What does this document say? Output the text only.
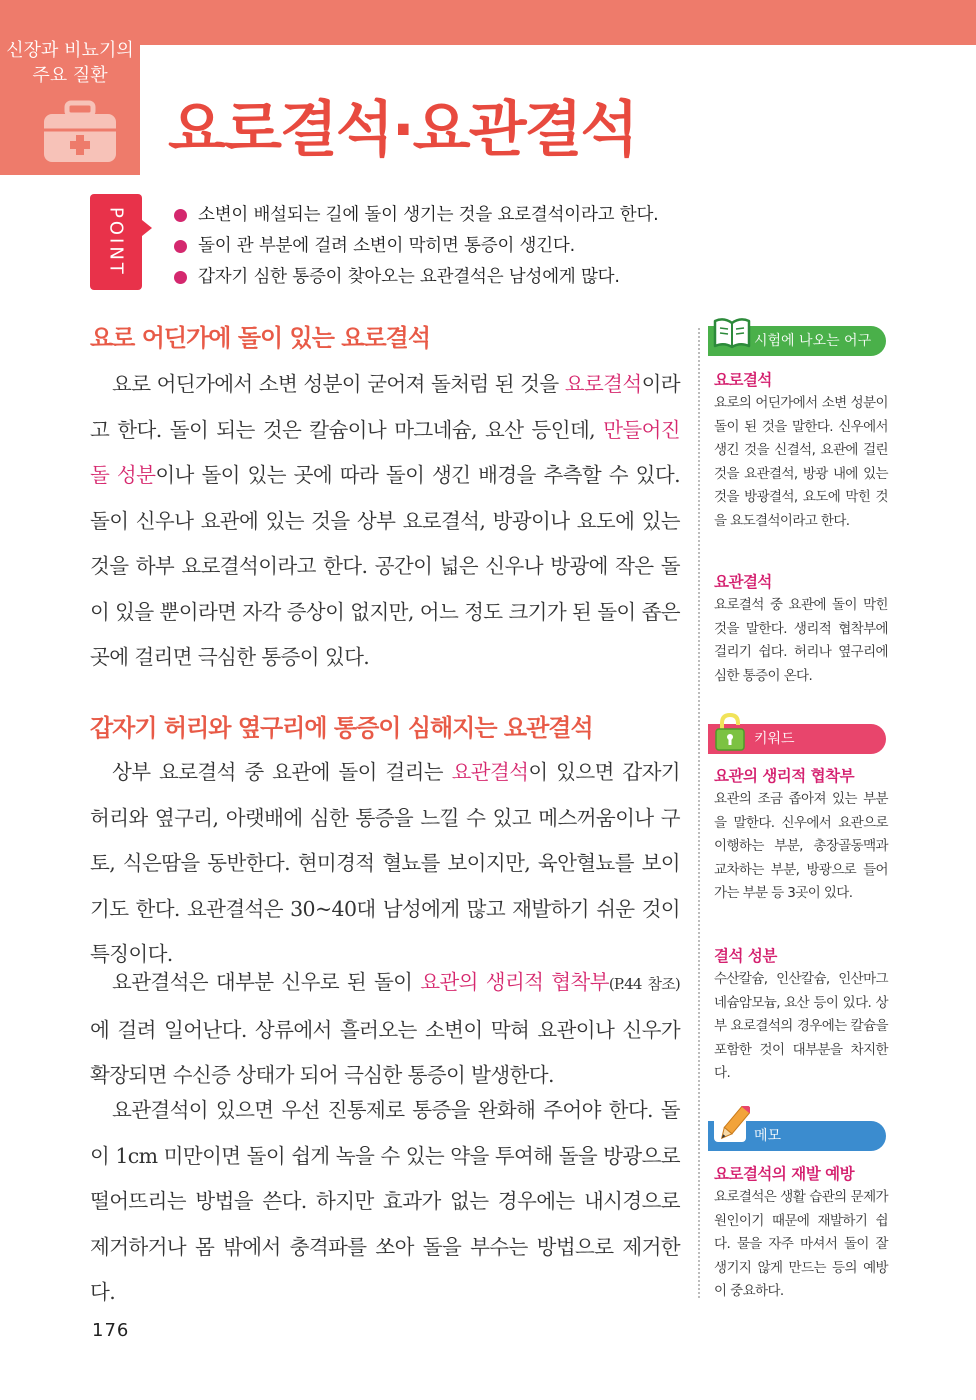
신장과 비뇨기의
주요 질환
요로결석·요관결석
POINT	소변이 배설되는 길에 돌이 생기는 것을 요로결석이라고 한다.
돌이 관 부분에 걸려 소변이 막히면 통증이 생긴다.
갑자기 심한 통증이 찾아오는 요관결석은 남성에게 많다.
요로 어딘가에 돌이 있는 요로결석

요로 어딘가에서 소변 성분이 굳어져 돌처럼 된 것을 요로결석이라고 한다. 돌이 되는 것은 칼슘이나 마그네슘, 요산 등인데, 만들어진 돌 성분이나 돌이 있는 곳에 따라 돌이 생긴 배경을 추측할 수 있다. 돌이 신우나 요관에 있는 것을 상부 요로결석, 방광이나 요도에 있는 것을 하부 요로결석이라고 한다. 공간이 넓은 신우나 방광에 작은 돌이 있을 뿐이라면 자각 증상이 없지만, 어느 정도 크기가 된 돌이 좁은 곳에 걸리면 극심한 통증이 있다.

갑자기 허리와 옆구리에 통증이 심해지는 요관결석

상부 요로결석 중 요관에 돌이 걸리는 요관결석이 있으면 갑자기 허리와 옆구리, 아랫배에 심한 통증을 느낄 수 있고 메스꺼움이나 구토, 식은땀을 동반한다. 현미경적 혈뇨를 보이지만, 육안혈뇨를 보이기도 한다. 요관결석은 30~40대 남성에게 많고 재발하기 쉬운 것이 특징이다.

요관결석은 대부분 신우로 된 돌이 요관의 생리적 협착부(P.44 참조)에 걸려 일어난다. 상류에서 흘러오는 소변이 막혀 요관이나 신우가 확장되면 수신증 상태가 되어 극심한 통증이 발생한다.

요관결석이 있으면 우선 진통제로 통증을 완화해 주어야 한다. 돌이 1cm 미만이면 돌이 쉽게 녹을 수 있는 약을 투여해 돌을 방광으로 떨어뜨리는 방법을 쓴다. 하지만 효과가 없는 경우에는 내시경으로 제거하거나 몸 밖에서 충격파를 쏘아 돌을 부수는 방법으로 제거한다.

176
시험에 나오는 어구
요로결석
요로의 어딘가에서 소변 성분이 돌이 된 것을 말한다. 신우에서 생긴 것을 신결석, 요관에 걸린 것을 요관결석, 방광 내에 있는 것을 방광결석, 요도에 막힌 것을 요도결석이라고 한다.
요관결석
요로결석 중 요관에 돌이 막힌 것을 말한다. 생리적 협착부에 걸리기 쉽다. 허리나 옆구리에 심한 통증이 온다.
키워드
요관의 생리적 협착부
요관의 조금 좁아져 있는 부분을 말한다. 신우에서 요관으로 이행하는 부분, 총장골동맥과 교차하는 부분, 방광으로 들어가는 부분 등 3곳이 있다.
결석 성분
수산칼슘, 인산칼슘, 인산마그네슘암모늄, 요산 등이 있다. 상부 요로결석의 경우에는 칼슘을 포함한 것이 대부분을 차지한다.
메모
요로결석의 재발 예방
요로결석은 생활 습관의 문제가 원인이기 때문에 재발하기 쉽다. 물을 자주 마셔서 돌이 잘 생기지 않게 만드는 등의 예방이 중요하다.
